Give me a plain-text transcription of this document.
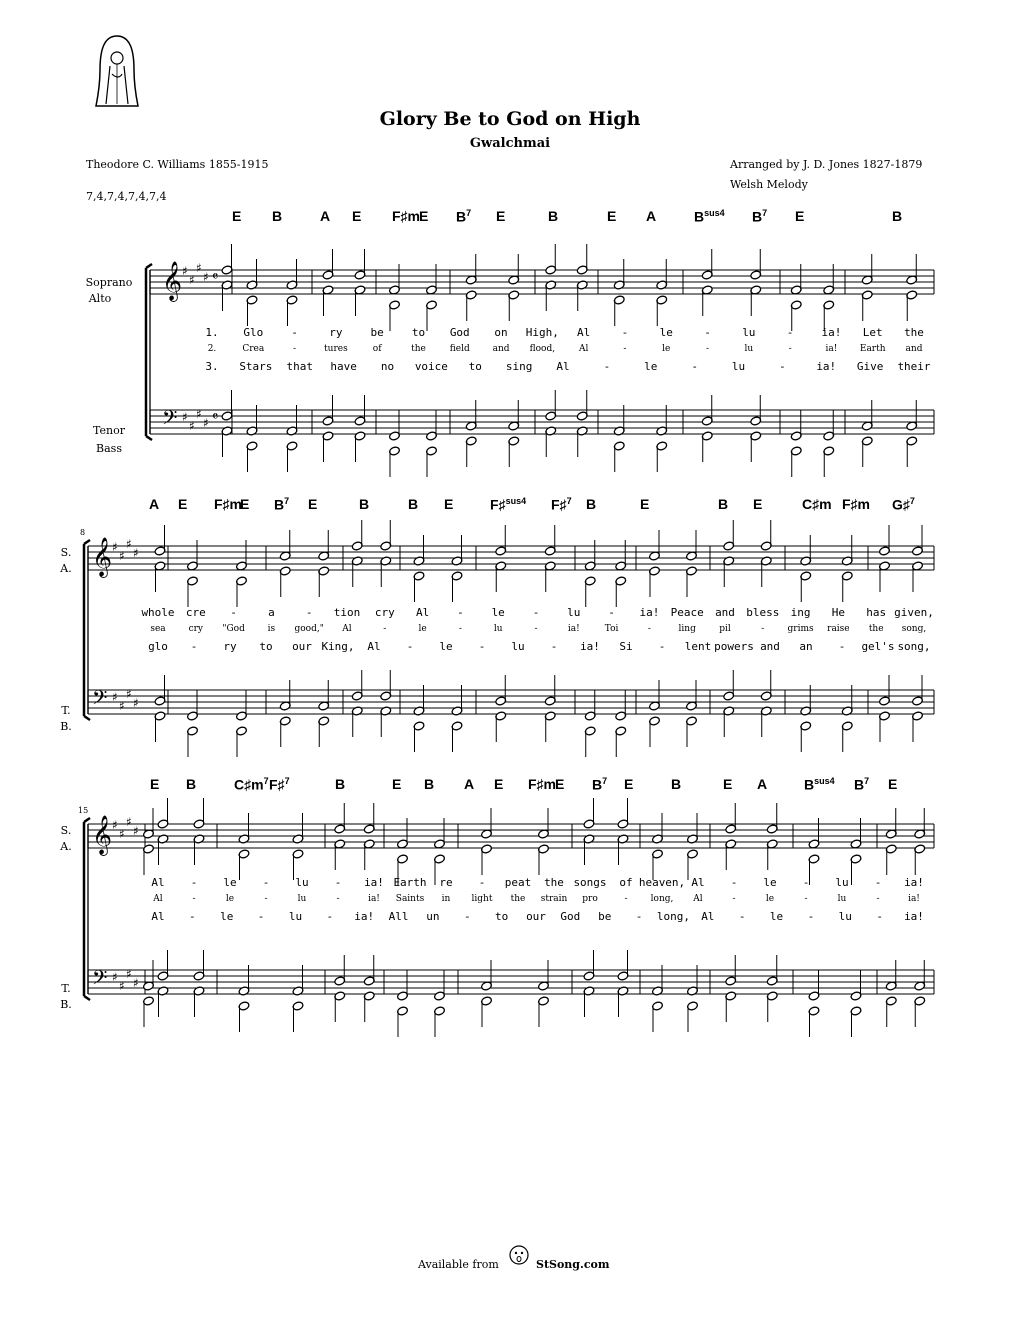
Glory Be to God on High
Gwalchmai
Theodore C. Williams 1855-1915	Arranged by J. D. Jones 1827-1879
Welsh Melody
7,4,7,4,7,4,7,4
Soprano
Alto
Tenor
Bass
S.
A.
T.
B.
S.
A.
T.
B.
8
15
𝄞 ♯
♯
♯
♯ 𝄴
𝄢 ♯
♯
♯
♯ 𝄴
𝄞 ♯
♯
♯
♯
𝄢 ♯
♯
♯
♯
𝄞 ♯
♯
♯
♯
𝄢 ♯
♯
♯
♯
E B	A E F♯m E $B^7$ E	B	E A	$B^{sus4}$ $B^7$ E	B
A E F♯m
E $B^7$ E	B	B E	F♯$^{sus4}$ F♯$^7$ B	E	B E	C♯m F♯m G♯$^7$
E B	$C♯m^7$ F♯$^7$	B	E B A E F♯m E $B^7$ E	B	E A	$B^{sus4}$ $B^7$ E
1. Glo	-	ry	be	to God on High, Al	-	le	-	lu	-	ia! Let the
2.	Crea	-	tures	of	the	field	and flood,	Al	-	le	-	lu	-	ia!	Earth and
3. Stars that have no voice to sing Al	-	le	-	lu	-	ia! Give their
whole cre -	a	- tion cry Al	-	le	-	lu	- ia! Peace and bless ing He has given,
sea	cry "God	is good," Al	-	le	-	lu	-	ia!	Toi	-	ling	pil	-	grims raise the song,
glo - ry to our King, Al - le - lu - ia! Si - lent powers and an - gel's song,
Al - le - lu - ia! Earth re - peat the songs of heaven, Al - le - lu - ia!
Al	-	le	-	lu	-	ia! Saints in light the strain pro	-	long, Al	-	le	-	lu	-	ia!
Al - le - lu - ia! All un - to our God be - long, Al - le - lu - ia!
Available from	StSong.com
